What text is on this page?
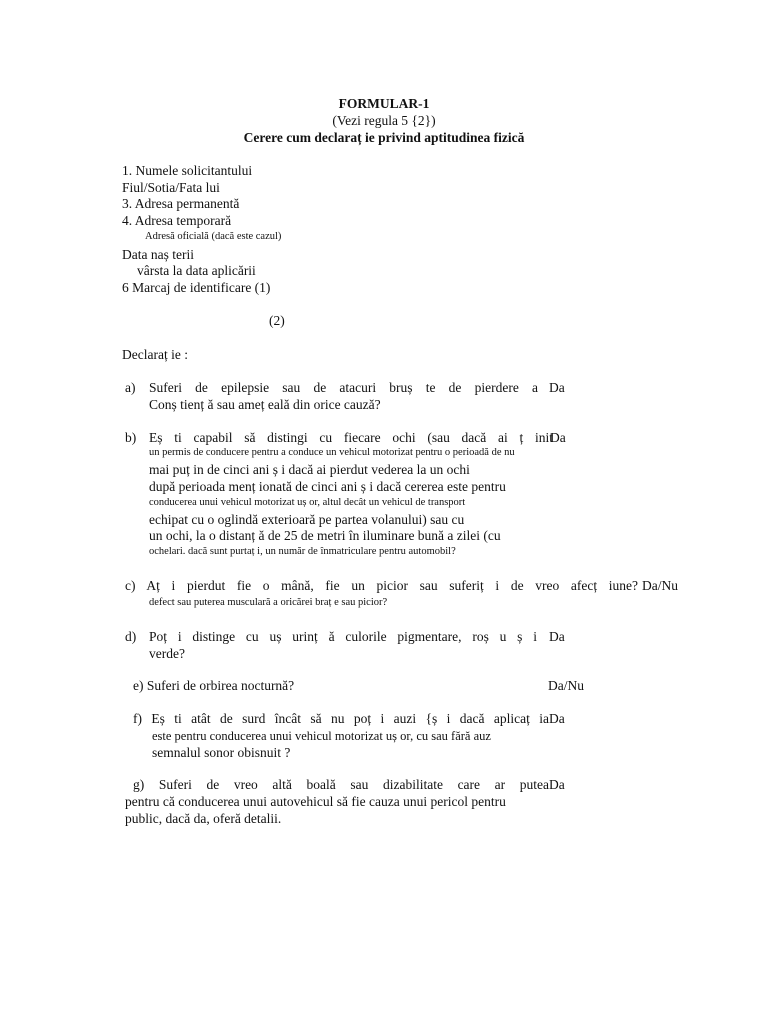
FORMULAR-1
(Vezi regula 5 {2})
Cerere cum declaraț ie privind aptitudinea fizică
1. Numele solicitantului
Fiul/Sotia/Fata lui
3. Adresa permanentă
4. Adresa temporară
Adresă oficială (dacă este cazul)
Data naș terii
vârsta la data aplicării
6 Marcaj de identificare (1)
(2)
Declaraț ie :
a) Suferi de epilepsie sau de atacuri bruș te de pierdere a Da
Conș tienț ă sau ameț eală din orice cauză?
b) Eș ti capabil să distingi cu fiecare ochi (sau dacă ai ț init
Da
un permis de conducere pentru a conduce un vehicul motorizat pentru o perioadă de nu
mai puț in de cinci ani ș i dacă ai pierdut vederea la un ochi
după perioada menț ionată de cinci ani ș i dacă cererea este pentru
conducerea unui vehicul motorizat uș or, altul decât un vehicul de transport
echipat cu o oglindă exterioară pe partea volanului) sau cu
un ochi, la o distanț ă de 25 de metri în iluminare bună a zilei (cu
ochelari. dacă sunt purtaț i, un număr de înmatriculare pentru automobil?
c) Aț i pierdut fie o mână, fie un picior sau suferiț i de vreo afecț iune? Da/Nu
defect sau puterea musculară a oricărei braț e sau picior?
d) Poț i distinge cu uș urinț ă culorile pigmentare, roș u ș i Da
verde?
e) Suferi de orbirea nocturnă?	Da/Nu
f) Eș ti atât de surd încât să nu poț i auzi {ș i dacă aplicaț ia Da
este pentru conducerea unui vehicul motorizat uș or, cu sau fără auz
semnalul sonor obisnuit ?
g) Suferi de vreo altă boală sau dizabilitate care ar putea Da
pentru că conducerea unui autovehicul să fie cauza unui pericol pentru
public, dacă da, oferă detalii.
